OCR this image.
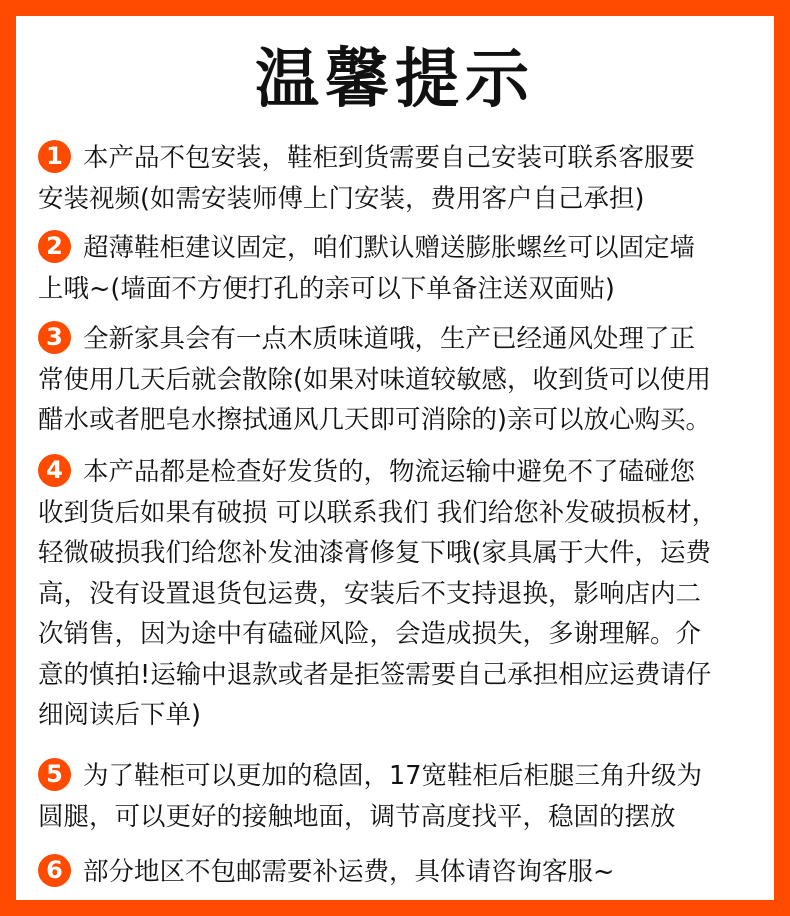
温馨提示
1 本产品不包安装，鞋柜到货需要自己安装可联系客服要
安装视频(如需安装师傅上门安装，费用客户自己承担)
2 超薄鞋柜建议固定，咱们默认赠送膨胀螺丝可以固定墙
上哦~(墙面不方便打孔的亲可以下单备注送双面贴)
3 全新家具会有一点木质味道哦，生产已经通风处理了正
常使用几天后就会散除(如果对味道较敏感，收到货可以使用
醋水或者肥皂水擦拭通风几天即可消除的)亲可以放心购买。
4 本产品都是检查好发货的，物流运输中避免不了磕碰您
收到货后如果有破损 可以联系我们 我们给您补发破损板材，
轻微破损我们给您补发油漆膏修复下哦(家具属于大件，运费
高，没有设置退货包运费，安装后不支持退换，影响店内二
次销售，因为途中有磕碰风险，会造成损失，多谢理解。介
意的慎拍!运输中退款或者是拒签需要自己承担相应运费请仔
细阅读后下单)
5 为了鞋柜可以更加的稳固，17宽鞋柜后柜腿三角升级为
圆腿，可以更好的接触地面，调节高度找平，稳固的摆放
6 部分地区不包邮需要补运费，具体请咨询客服~
